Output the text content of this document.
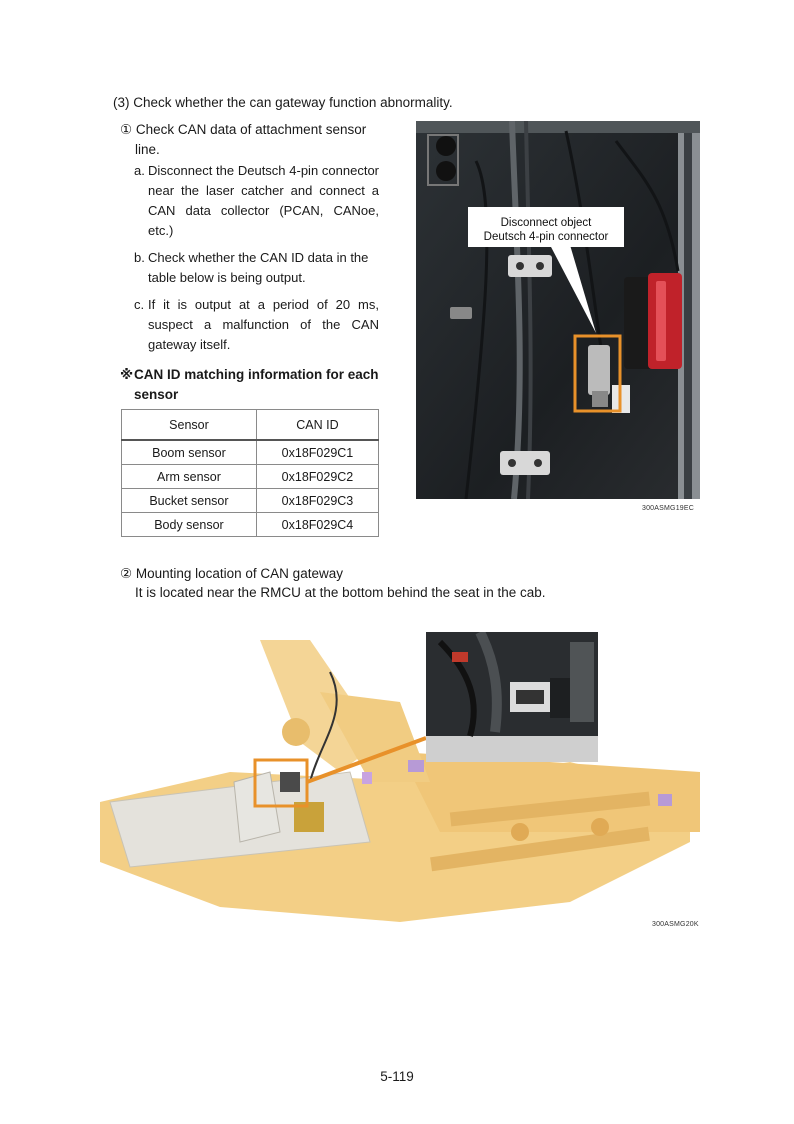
(3) Check whether the can gateway function abnormality.
① Check CAN data of attachment sensor
line.
a. Disconnect the Deutsch 4-pin connector near the laser catcher and connect a CAN data collector (PCAN, CANoe, etc.)
b. Check whether the CAN ID data in the table below is being output.
c. If it is output at a period of 20 ms, suspect a malfunction of the CAN gateway itself.
※ CAN ID matching information for each sensor
Sensor	CAN ID
Boom sensor	0x18F029C1
Arm sensor	0x18F029C2
Bucket sensor	0x18F029C3
Body sensor	0x18F029C4
Disconnect object
Deutsch 4-pin connector
300ASMG19EC
② Mounting location of CAN gateway
It is located near the RMCU at the bottom behind the seat in the cab.
300ASMG20K
5-119
